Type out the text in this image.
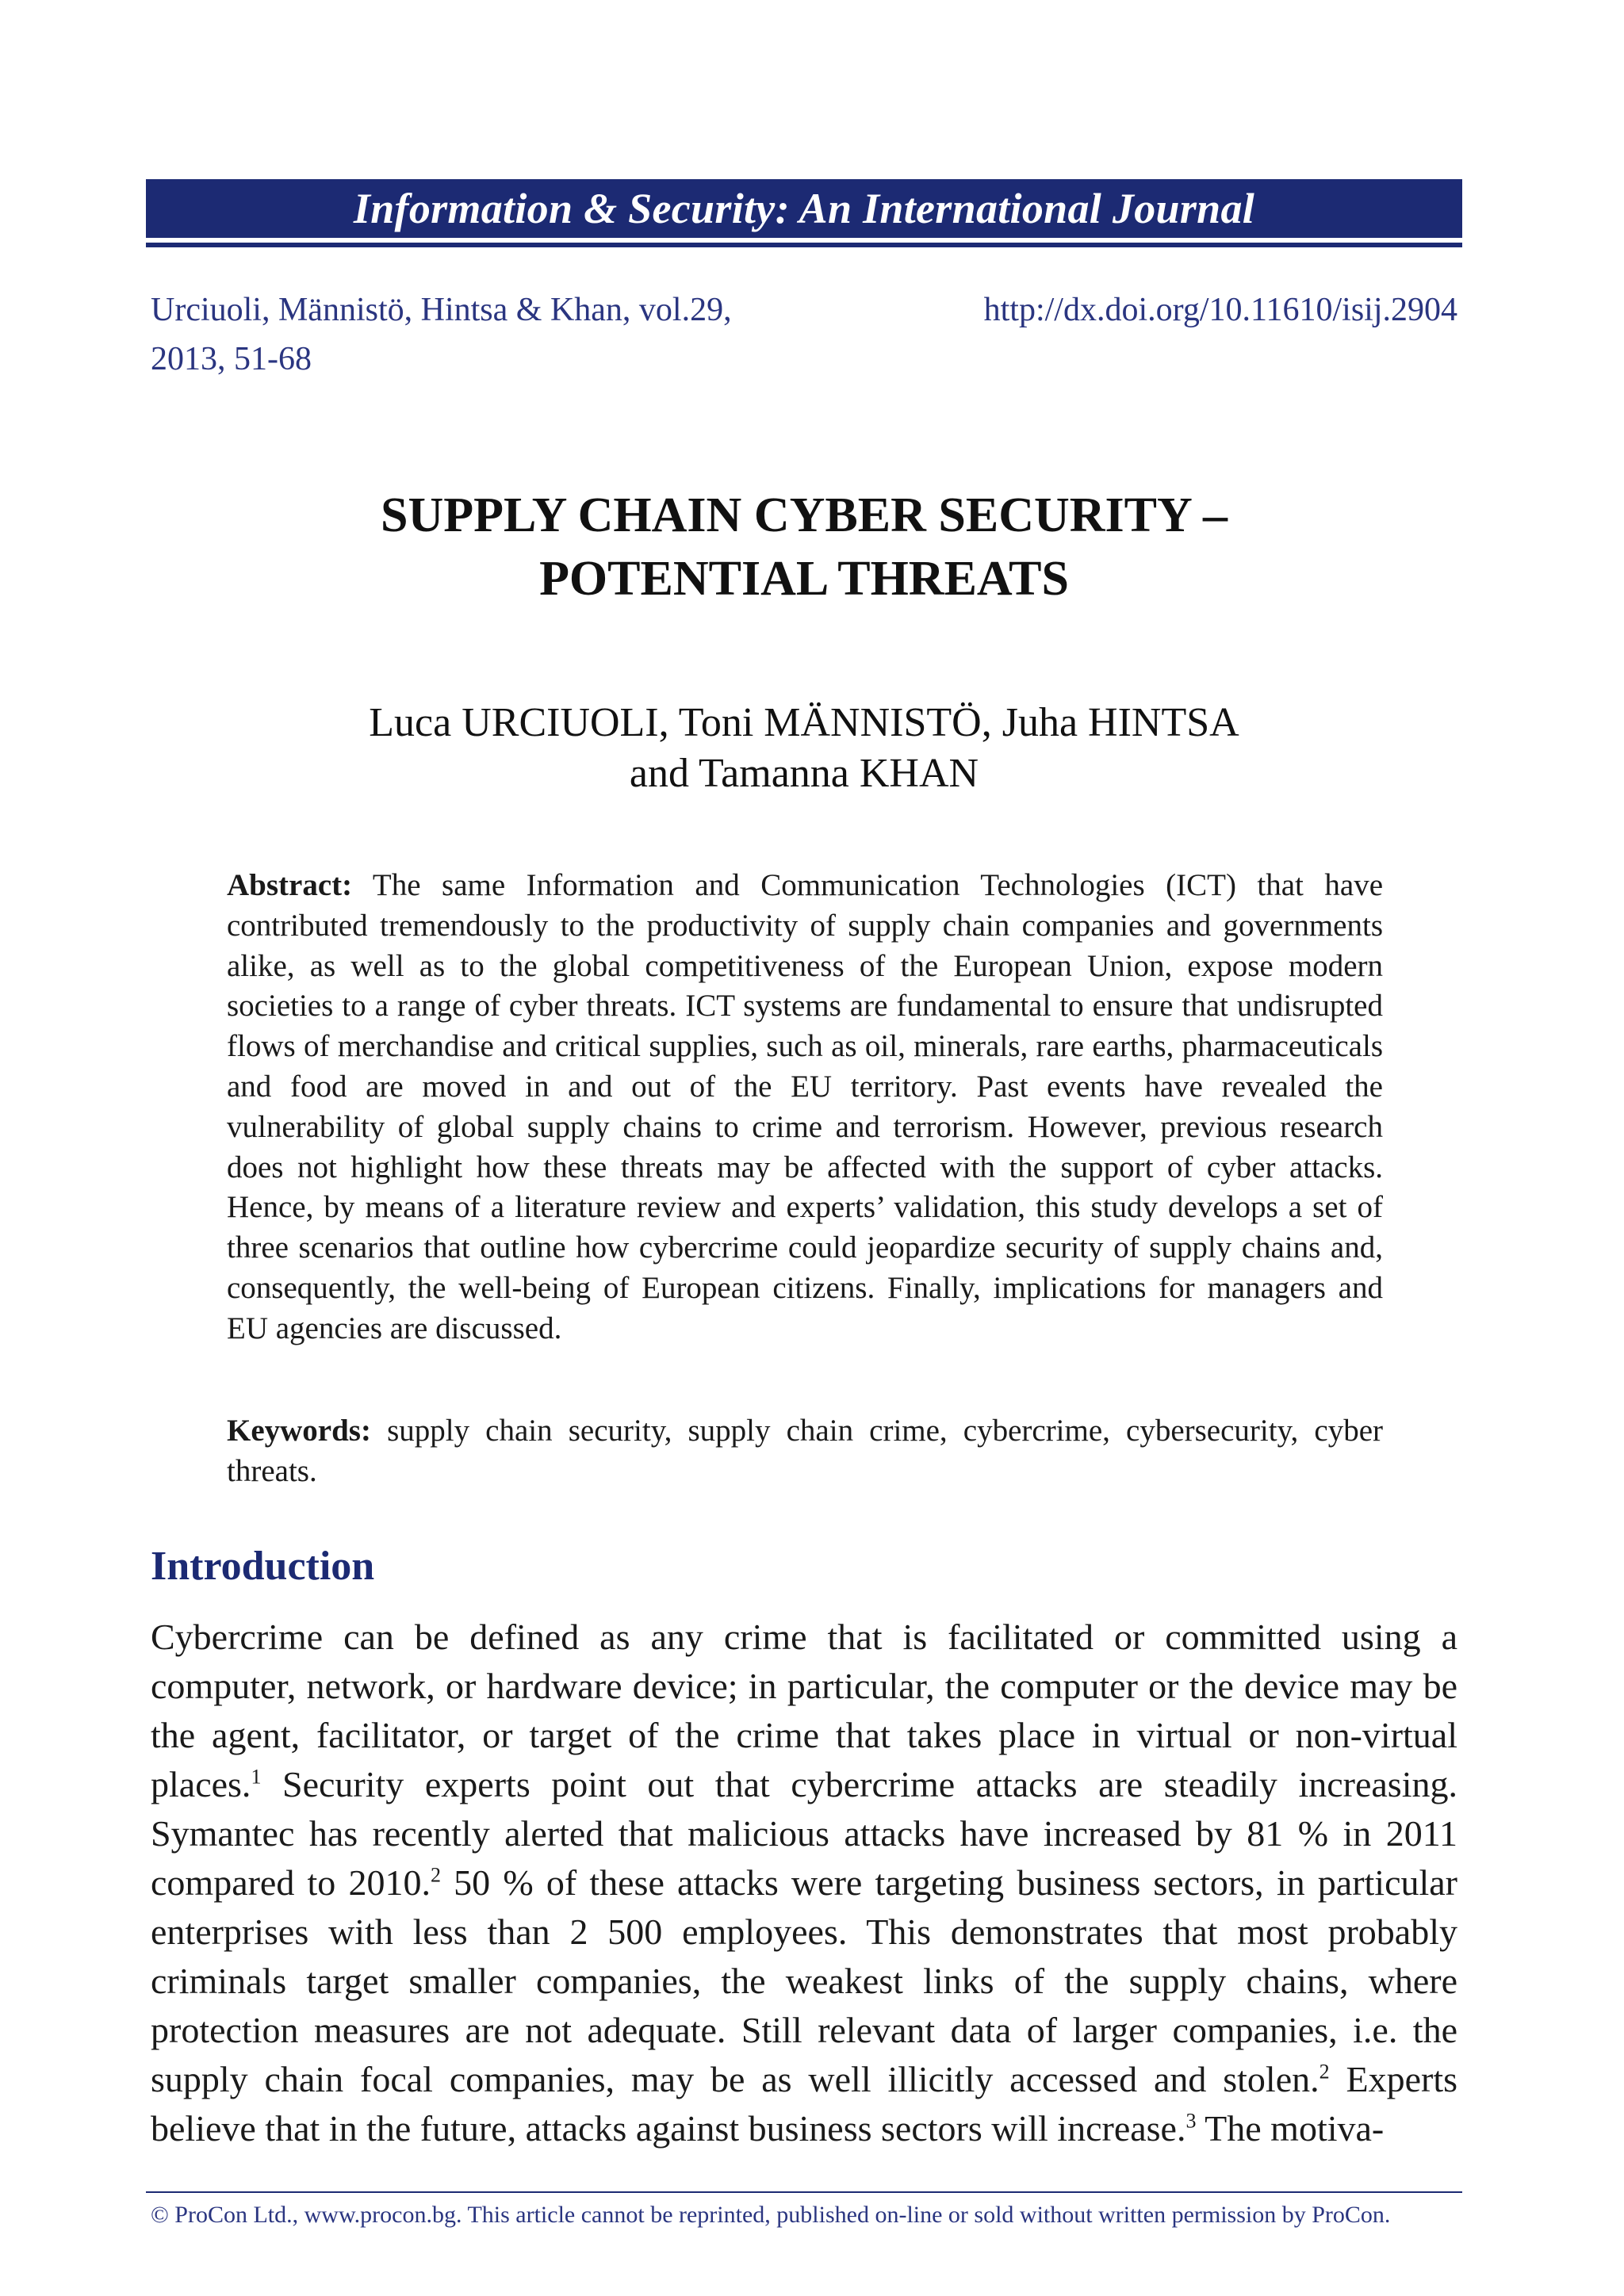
Information & Security: An International Journal
Urciuoli, Männistö, Hintsa & Khan, vol.29,
2013, 51-68
http://dx.doi.org/10.11610/isij.2904
SUPPLY CHAIN CYBER SECURITY –
POTENTIAL THREATS
Luca URCIUOLI, Toni MÄNNISTÖ, Juha HINTSA
and Tamanna KHAN
Abstract: The same Information and Communication Technologies (ICT) that have contributed tremendously to the productivity of supply chain companies and governments alike, as well as to the global competitiveness of the European Union, expose modern societies to a range of cyber threats. ICT systems are fundamental to ensure that undisrupted flows of merchandise and critical supplies, such as oil, minerals, rare earths, pharmaceuticals and food are moved in and out of the EU territory. Past events have revealed the vulnerability of global supply chains to crime and terrorism. However, previous research does not highlight how these threats may be affected with the support of cyber attacks. Hence, by means of a literature review and experts’ validation, this study develops a set of three scenarios that outline how cybercrime could jeopardize security of supply chains and, consequently, the well-being of European citizens. Finally, implications for managers and EU agencies are discussed.
Keywords: supply chain security, supply chain crime, cybercrime, cybersecurity, cyber threats.
Introduction

Cybercrime can be defined as any crime that is facilitated or committed using a computer, network, or hardware device; in particular, the computer or the device may be the agent, facilitator, or target of the crime that takes place in virtual or non-virtual places.$^1$ Security experts point out that cybercrime attacks are steadily increasing. Symantec has recently alerted that malicious attacks have increased by 81 % in 2011 compared to 2010.$^2$ 50 % of these attacks were targeting business sectors, in particular enterprises with less than 2 500 employees. This demonstrates that most probably criminals target smaller companies, the weakest links of the supply chains, where protection measures are not adequate. Still relevant data of larger companies, i.e. the supply chain focal companies, may be as well illicitly accessed and stolen.$^2$ Experts believe that in the future, attacks against business sectors will increase.$^3$ The motiva-

© ProCon Ltd., www.procon.bg. This article cannot be reprinted, published on-line or sold without written permission by ProCon.
